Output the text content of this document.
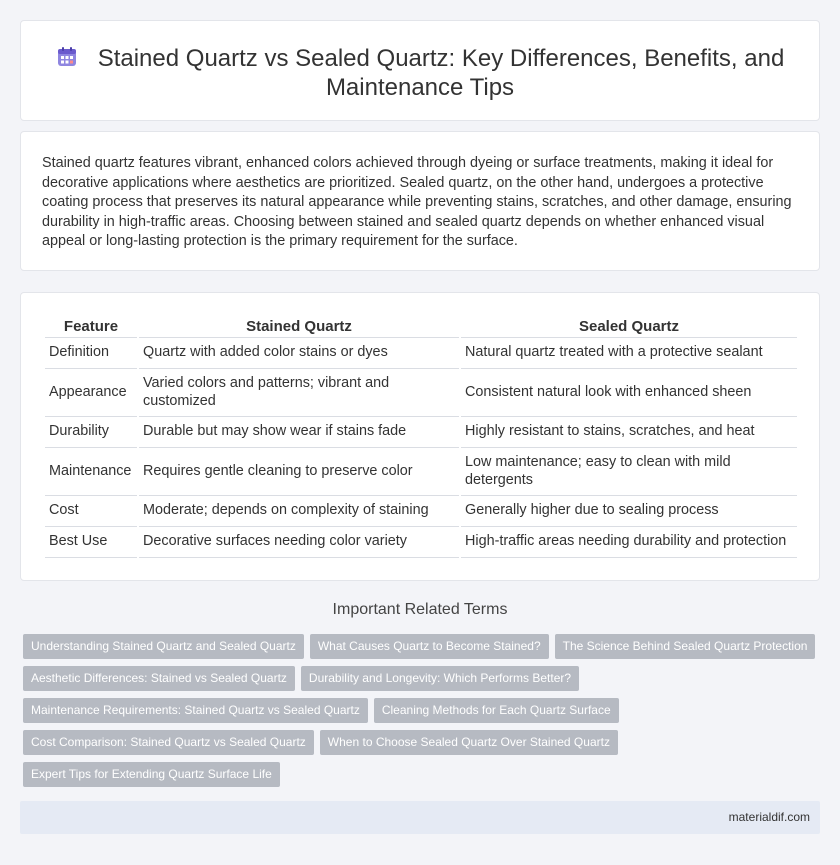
Stained Quartz vs Sealed Quartz: Key Differences, Benefits, and Maintenance Tips

Stained quartz features vibrant, enhanced colors achieved through dyeing or surface treatments, making it ideal for decorative applications where aesthetics are prioritized. Sealed quartz, on the other hand, undergoes a protective coating process that preserves its natural appearance while preventing stains, scratches, and other damage, ensuring durability in high-traffic areas. Choosing between stained and sealed quartz depends on whether enhanced visual appeal or long-lasting protection is the primary requirement for the surface.

Feature	Stained Quartz	Sealed Quartz
Definition	Quartz with added color stains or dyes	Natural quartz treated with a protective sealant
Appearance	Varied colors and patterns; vibrant and customized	Consistent natural look with enhanced sheen
Durability	Durable but may show wear if stains fade	Highly resistant to stains, scratches, and heat
Maintenance	Requires gentle cleaning to preserve color	Low maintenance; easy to clean with mild detergents
Cost	Moderate; depends on complexity of staining	Generally higher due to sealing process
Best Use	Decorative surfaces needing color variety	High-traffic areas needing durability and protection
Important Related Terms
Understanding Stained Quartz and Sealed Quartz What Causes Quartz to Become Stained? The Science Behind Sealed Quartz Protection
Aesthetic Differences: Stained vs Sealed Quartz Durability and Longevity: Which Performs Better?
Maintenance Requirements: Stained Quartz vs Sealed Quartz Cleaning Methods for Each Quartz Surface
Cost Comparison: Stained Quartz vs Sealed Quartz When to Choose Sealed Quartz Over Stained Quartz
Expert Tips for Extending Quartz Surface Life
materialdif.com
